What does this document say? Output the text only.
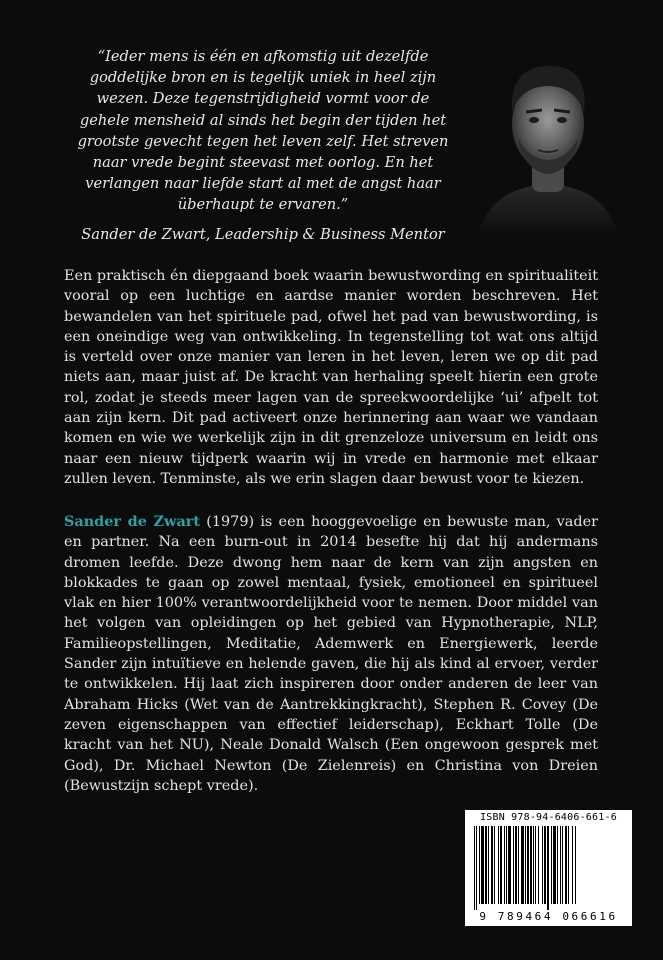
“Ieder mens is één en afkomstig uit dezelfde
goddelijke bron en is tegelijk uniek in heel zijn
wezen. Deze tegenstrijdigheid vormt voor de
gehele mensheid al sinds het begin der tijden het
grootste gevecht tegen het leven zelf. Het streven
naar vrede begint steevast met oorlog. En het
verlangen naar liefde start al met de angst haar
überhaupt te ervaren.”
Sander de Zwart, Leadership & Business Mentor

Een praktisch én diepgaand boek waarin bewustwording en spiritualiteit vooral op een luchtige en aardse manier worden beschreven. Het bewandelen van het spirituele pad, ofwel het pad van bewustwording, is een oneindige weg van ontwikkeling. In tegenstelling tot wat ons altijd is verteld over onze manier van leren in het leven, leren we op dit pad niets aan, maar juist af. De kracht van herhaling speelt hierin een grote rol, zodat je steeds meer lagen van de spreekwoordelijke ‘ui’ afpelt tot aan zijn kern. Dit pad activeert onze herinnering aan waar we vandaan komen en wie we werkelijk zijn in dit grenzeloze universum en leidt ons naar een nieuw tijdperk waarin wij in vrede en harmonie met elkaar zullen leven. Tenminste, als we erin slagen daar bewust voor te kiezen.

Sander de Zwart (1979) is een hooggevoelige en bewuste man, vader en partner. Na een burn-out in 2014 besefte hij dat hij andermans dromen leefde. Deze dwong hem naar de kern van zijn angsten en blokkades te gaan op zowel mentaal, fysiek, emotioneel en spiritueel vlak en hier 100% verantwoordelijkheid voor te nemen. Door middel van het volgen van opleidingen op het gebied van Hypnotherapie, NLP, Familieopstellingen, Meditatie, Ademwerk en Energiewerk, leerde Sander zijn intuïtieve en helende gaven, die hij als kind al ervoer, verder te ontwikkelen. Hij laat zich inspireren door onder anderen de leer van Abraham Hicks (Wet van de Aantrekkingkracht), Stephen R. Covey (De zeven eigenschappen van effectief leiderschap), Eckhart Tolle (De kracht van het NU), Neale Donald Walsch (Een ongewoon gesprek met God), Dr. Michael Newton (De Zielenreis) en Christina von Dreien (Bewustzijn schept vrede).

ISBN 978-94-6406-661-6
9 789464 066616
